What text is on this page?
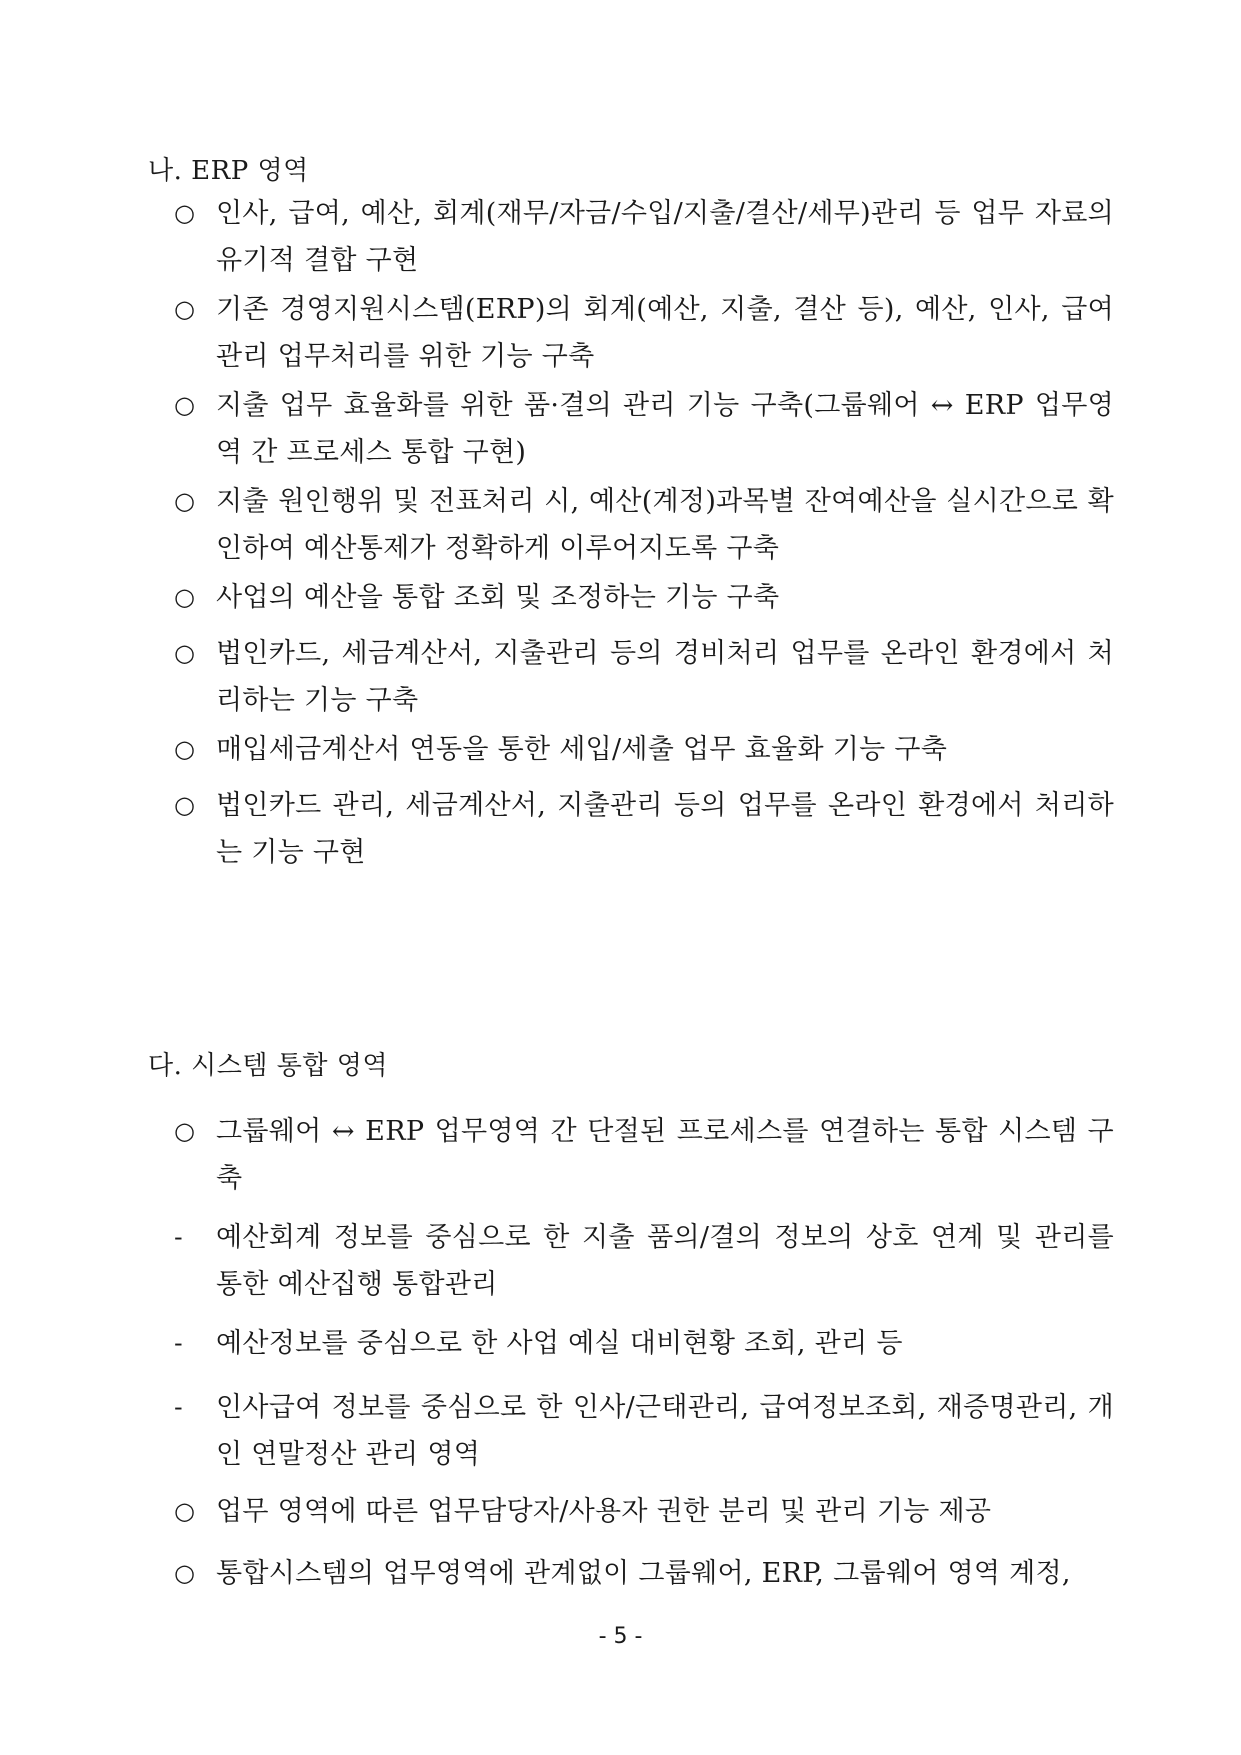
나. ERP 영역
○ 인사, 급여, 예산, 회계(재무/자금/수입/지출/결산/세무)관리 등 업무 자료의 유기적 결합 구현
○ 기존 경영지원시스템(ERP)의 회계(예산, 지출, 결산 등), 예산, 인사, 급여관리 업무처리를 위한 기능 구축
○ 지출 업무 효율화를 위한 품·결의 관리 기능 구축(그룹웨어 ↔ ERP 업무영역 간 프로세스 통합 구현)
○ 지출 원인행위 및 전표처리 시, 예산(계정)과목별 잔여예산을 실시간으로 확인하여 예산통제가 정확하게 이루어지도록 구축
○ 사업의 예산을 통합 조회 및 조정하는 기능 구축
○ 법인카드, 세금계산서, 지출관리 등의 경비처리 업무를 온라인 환경에서 처리하는 기능 구축
○ 매입세금계산서 연동을 통한 세입/세출 업무 효율화 기능 구축
○ 법인카드 관리, 세금계산서, 지출관리 등의 업무를 온라인 환경에서 처리하는 기능 구현
다. 시스템 통합 영역
○ 그룹웨어 ↔ ERP 업무영역 간 단절된 프로세스를 연결하는 통합 시스템 구축
-	예산회계 정보를 중심으로 한 지출 품의/결의 정보의 상호 연계 및 관리를 통한 예산집행 통합관리
-	예산정보를 중심으로 한 사업 예실 대비현황 조회, 관리 등
-	인사급여 정보를 중심으로 한 인사/근태관리, 급여정보조회, 재증명관리, 개인 연말정산 관리 영역
○ 업무 영역에 따른 업무담당자/사용자 권한 분리 및 관리 기능 제공
○ 통합시스템의 업무영역에 관계없이 그룹웨어, ERP, 그룹웨어 영역 계정,
- 5 -
